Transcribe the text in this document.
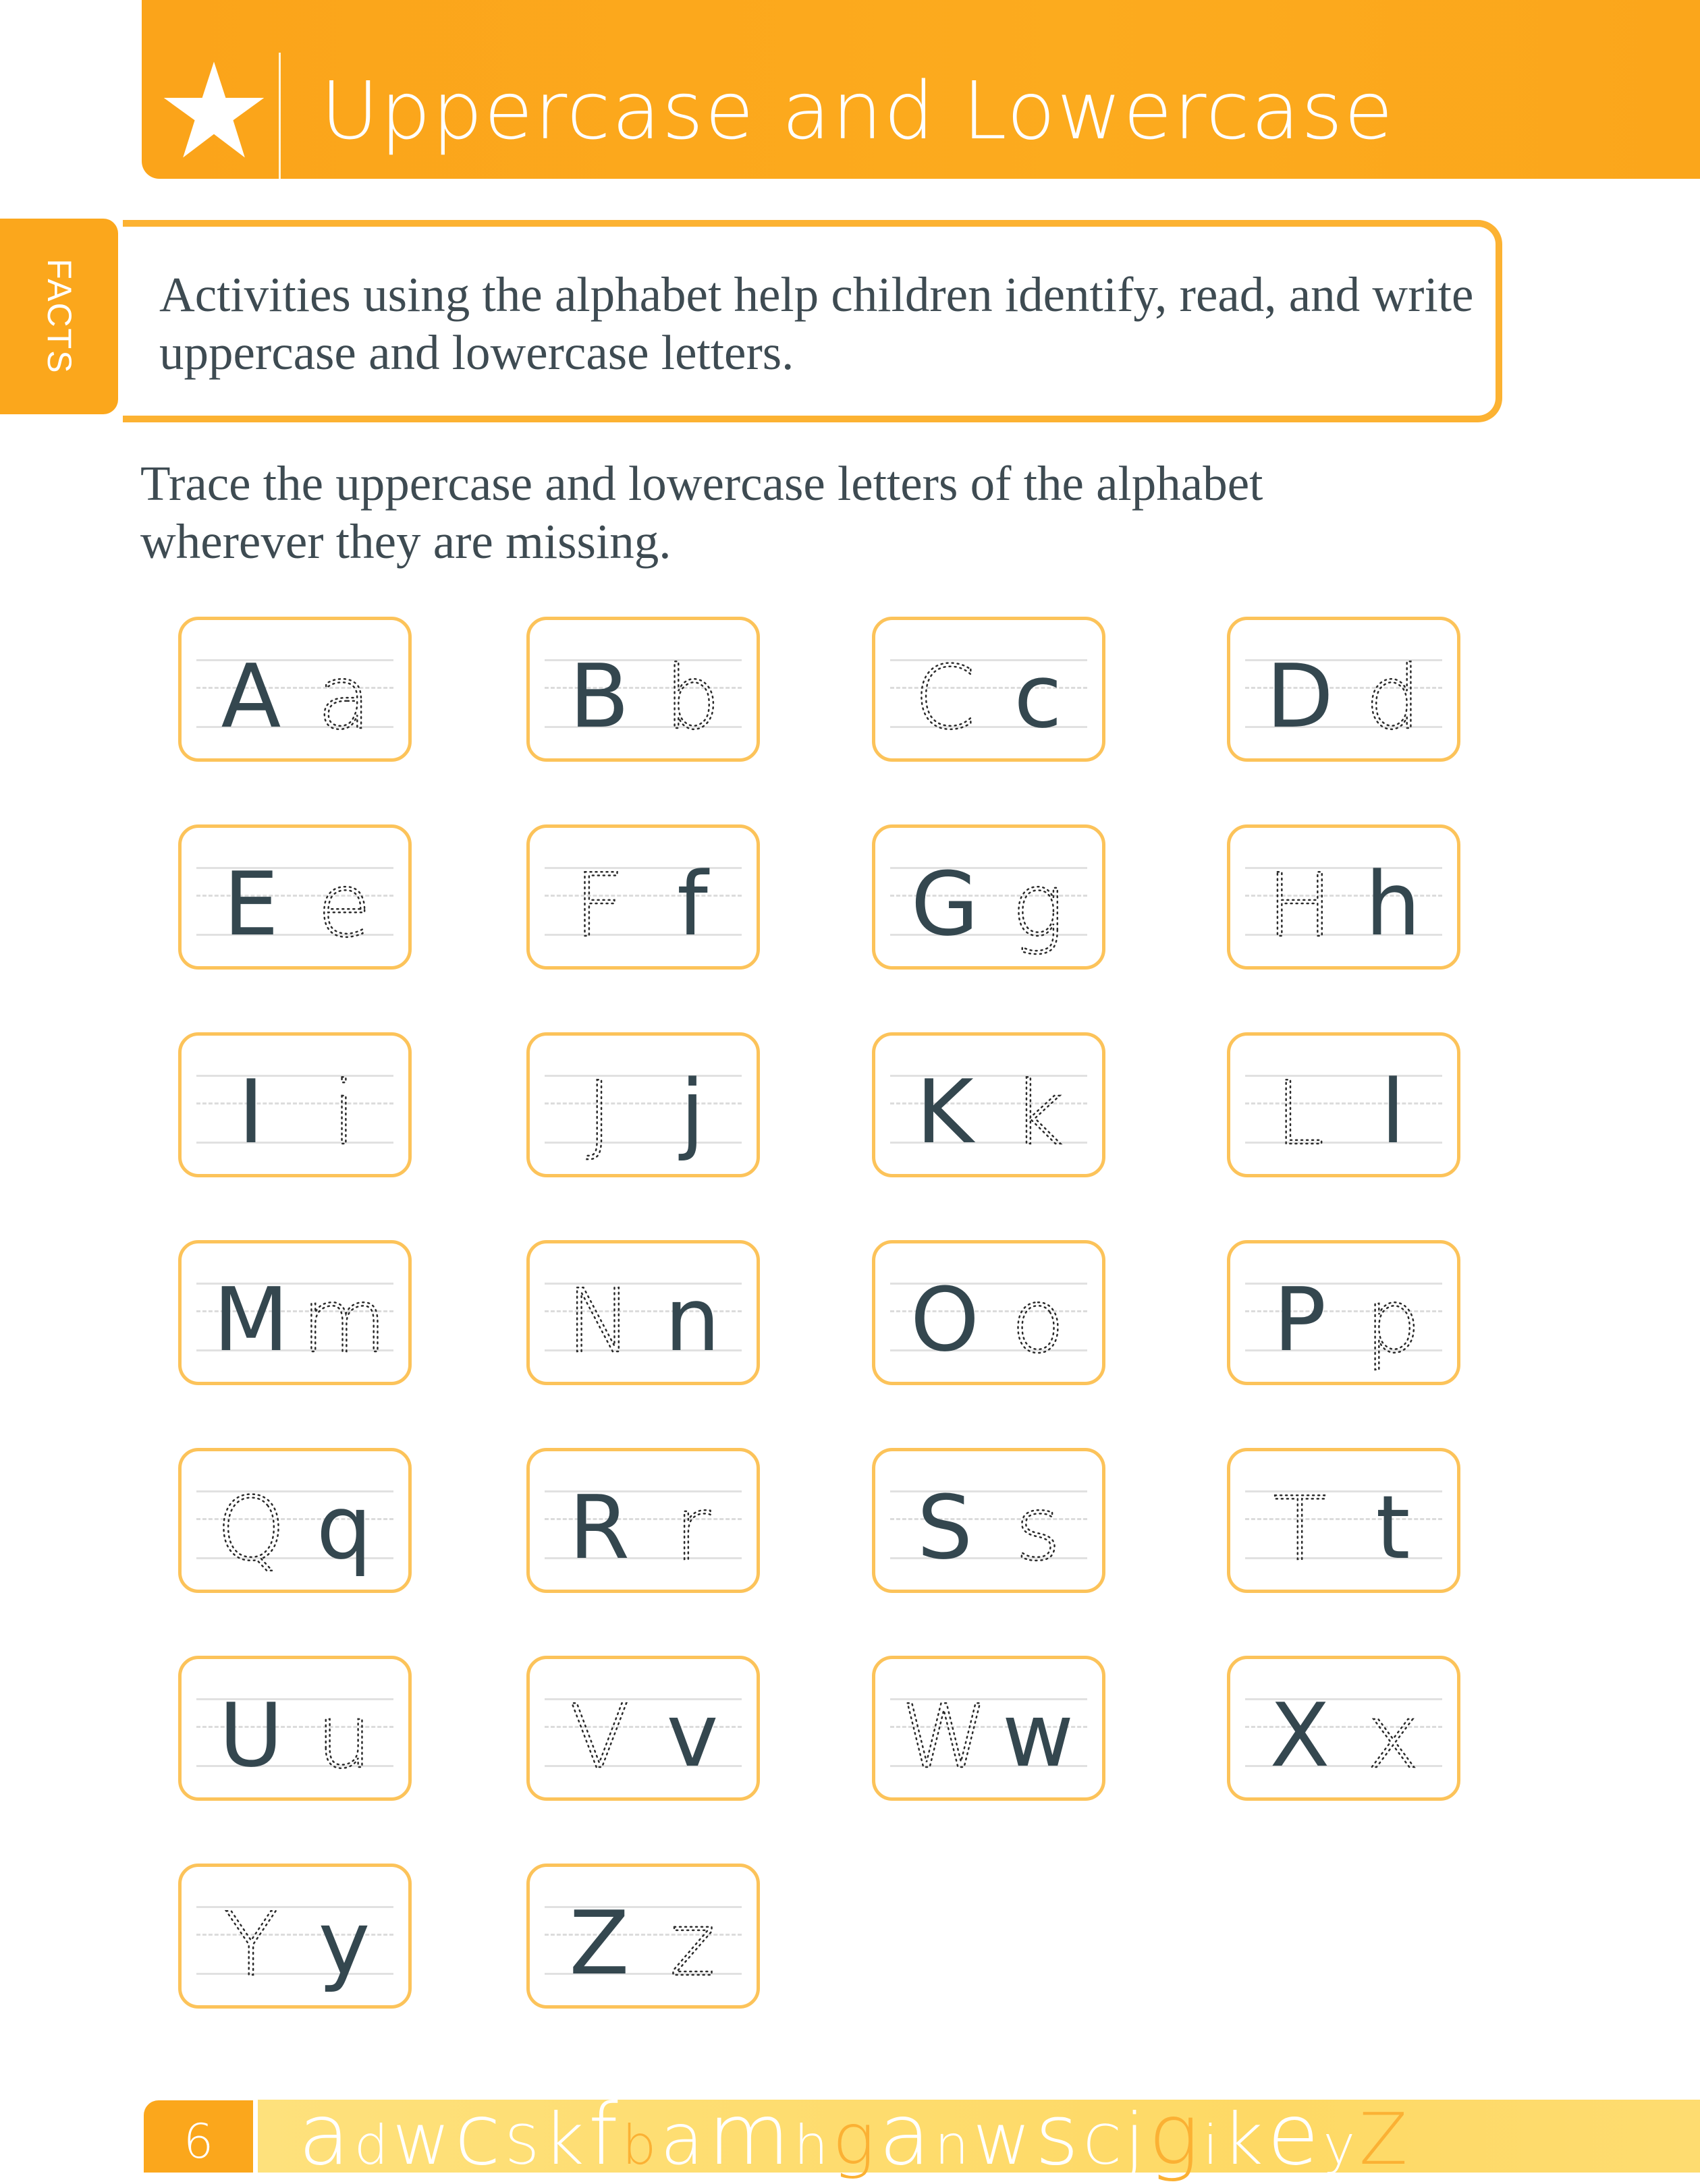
Uppercase and Lowercase
FACTS Activities using the alphabet help children identify, read, and write uppercase and lowercase letters.
Trace the uppercase and lowercase letters of the alphabet wherever they are missing.
A	B	c	D
E	f	G	h
I	j	K	l
M	n O	P
q R	S	t
U	v	w X
y Z
6	adwcSkfbamhganwsCjgikeyZ
